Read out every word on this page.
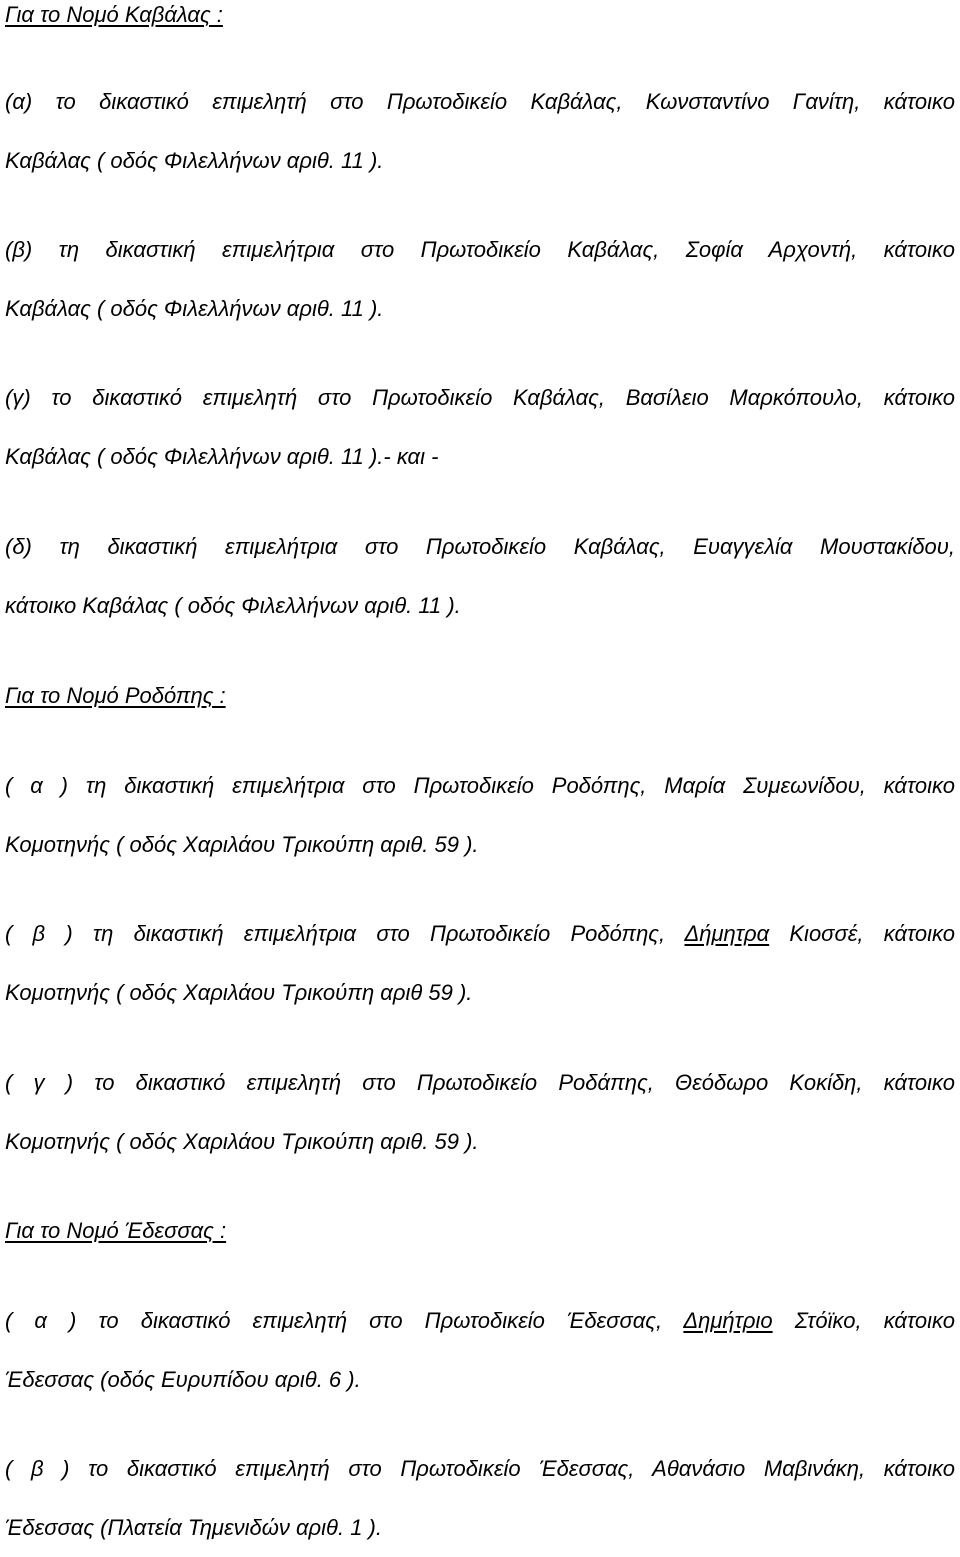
Για το Νομό Καβάλας :
(α) το δικαστικό επιμελητή στο Πρωτοδικείο Καβάλας, Κωνσταντίνο Γανίτη, κάτοικο
Καβάλας ( οδός Φιλελλήνων αριθ. 11 ).
(β) τη δικαστική επιμελήτρια στο Πρωτοδικείο Καβάλας, Σοφία Αρχοντή, κάτοικο
Καβάλας ( οδός Φιλελλήνων αριθ. 11 ).
(γ) το δικαστικό επιμελητή στο Πρωτοδικείο Καβάλας, Βασίλειο Μαρκόπουλο, κάτοικο
Καβάλας ( οδός Φιλελλήνων αριθ. 11 ).- και -
(δ) τη δικαστική επιμελήτρια στο Πρωτοδικείο Καβάλας, Ευαγγελία Μουστακίδου,
κάτοικο Καβάλας ( οδός Φιλελλήνων αριθ. 11 ).
Για το Νομό Ροδόπης :
( α ) τη δικαστική επιμελήτρια στο Πρωτοδικείο Ροδόπης, Μαρία Συμεωνίδου, κάτοικο
Κομοτηνής ( οδός Χαριλάου Τρικούπη αριθ. 59 ).
( β ) τη δικαστική επιμελήτρια στο Πρωτοδικείο Ροδόπης, Δήμητρα Κιοσσέ, κάτοικο
Κομοτηνής ( οδός Χαριλάου Τρικούπη αριθ 59 ).
( γ ) το δικαστικό επιμελητή στο Πρωτοδικείο Ροδάπης, Θεόδωρο Κοκίδη, κάτοικο
Κομοτηνής ( οδός Χαριλάου Τρικούπη αριθ. 59 ).
Για το Νομό Έδεσσας :
( α ) το δικαστικό επιμελητή στο Πρωτοδικείο Έδεσσας, Δημήτριο Στόϊκο, κάτοικο
Έδεσσας (οδός Ευρυπίδου αριθ. 6 ).
( β ) το δικαστικό επιμελητή στο Πρωτοδικείο Έδεσσας, Αθανάσιο Μαβινάκη, κάτοικο
Έδεσσας (Πλατεία Τημενιδών αριθ. 1 ).
